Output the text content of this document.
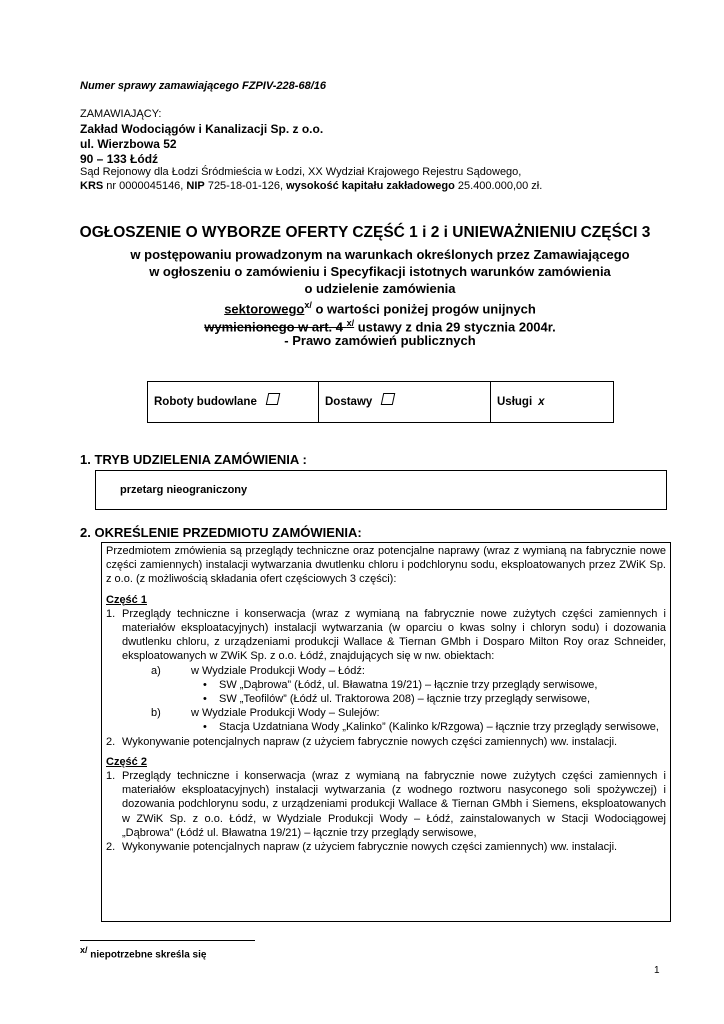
Numer sprawy zamawiającego FZPIV-228-68/16
ZAMAWIAJĄCY:
Zakład Wodociągów i Kanalizacji Sp. z o.o.
ul. Wierzbowa 52
90 – 133 Łódź
Sąd Rejonowy dla Łodzi Śródmieścia w Łodzi, XX Wydział Krajowego Rejestru Sądowego,
KRS nr 0000045146, NIP 725-18-01-126, wysokość kapitału zakładowego 25.400.000,00 zł.
OGŁOSZENIE O WYBORZE OFERTY CZĘŚĆ 1 i 2 i UNIEWAŻNIENIU CZĘŚCI 3
w postępowaniu prowadzonym na warunkach określonych przez Zamawiającego
w ogłoszeniu o zamówieniu i Specyfikacji istotnych warunków zamówienia
o udzielenie zamówienia
sektorowego$^{x/}$ o wartości poniżej progów unijnych
wymienionego w art. 4 $^{x/}$ ustawy z dnia 29 stycznia 2004r.
- Prawo zamówień publicznych
Roboty budowlane	Dostawy	Usługi x
1. TRYB UDZIELENIA ZAMÓWIENIA :
przetarg nieograniczony
2. OKREŚLENIE PRZEDMIOTU ZAMÓWIENIA:

Przedmiotem zmówienia są przeglądy techniczne oraz potencjalne naprawy (wraz z wymianą na fabrycznie nowe części zamiennych) instalacji wytwarzania dwutlenku chloru i podchlorynu sodu, eksploatowanych przez ZWiK Sp. z o.o. (z możliwością składania ofert częściowych 3 części):

Część 1

1. Przeglądy techniczne i konserwacja (wraz z wymianą na fabrycznie nowe zużytych części zamiennych i materiałów eksploatacyjnych) instalacji wytwarzania (w oparciu o kwas solny i chloryn sodu) i dozowania dwutlenku chloru, z urządzeniami produkcji Wallace & Tiernan GMbh i Dosparo Milton Roy oraz Schneider, eksploatowanych w ZWiK Sp. z o.o. Łódź, znajdujących się w nw. obiektach:
a)	w Wydziale Produkcji Wody – Łódź:
•	SW „Dąbrowa” (Łódź, ul. Bławatna 19/21) – łącznie trzy przeglądy serwisowe,
•	SW „Teofilów” (Łódź ul. Traktorowa 208) – łącznie trzy przeglądy serwisowe,
b)	w Wydziale Produkcji Wody – Sulejów:
•	Stacja Uzdatniana Wody „Kalinko” (Kalinko k/Rzgowa) – łącznie trzy przeglądy serwisowe,
2. Wykonywanie potencjalnych napraw (z użyciem fabrycznie nowych części zamiennych) ww. instalacji.

Część 2

1. Przeglądy techniczne i konserwacja (wraz z wymianą na fabrycznie nowe zużytych części zamiennych i materiałów eksploatacyjnych) instalacji wytwarzania (z wodnego roztworu nasyconego soli spożywczej) i dozowania podchlorynu sodu, z urządzeniami produkcji Wallace & Tiernan GMbh i Siemens, eksploatowanych w ZWiK Sp. z o.o. Łódź, w Wydziale Produkcji Wody – Łódź, zainstalowanych w Stacji Wodociągowej „Dąbrowa” (Łódź ul. Bławatna 19/21) – łącznie trzy przeglądy serwisowe,
2. Wykonywanie potencjalnych napraw (z użyciem fabrycznie nowych części zamiennych) ww. instalacji.
$^{x/}$ niepotrzebne skreśla się
1
